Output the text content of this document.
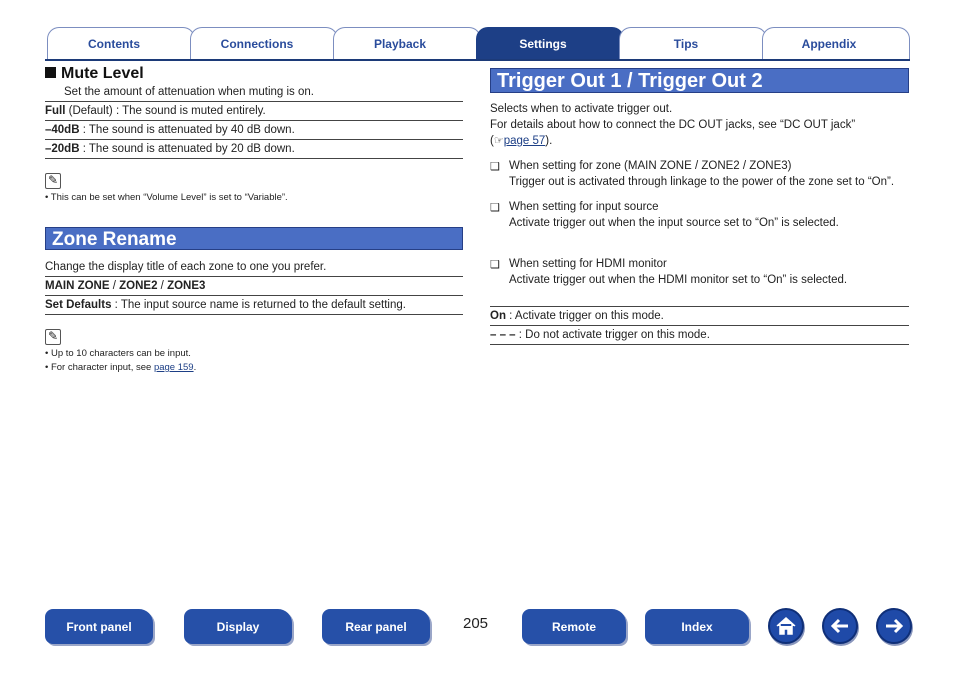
Contents	Connections	Playback	Settings	Tips	Appendix
Mute Level
Set the amount of attenuation when muting is on.
Full (Default) : The sound is muted entirely.
–40dB : The sound is attenuated by 40 dB down.
–20dB : The sound is attenuated by 20 dB down.
✎
• This can be set when “Volume Level” is set to “Variable”.
Zone Rename
Change the display title of each zone to one you prefer.
MAIN ZONE / ZONE2 / ZONE3
Set Defaults : The input source name is returned to the default setting.
✎
• Up to 10 characters can be input.
• For character input, see page 159.
Trigger Out 1 / Trigger Out 2
Selects when to activate trigger out.
For details about how to connect the DC OUT jacks, see “DC OUT jack”
(☞page 57).
❑ When setting for zone (MAIN ZONE / ZONE2 / ZONE3)
Trigger out is activated through linkage to the power of the zone set to “On”.
❑ When setting for input source
Activate trigger out when the input source set to “On” is selected.
❑ When setting for HDMI monitor
Activate trigger out when the HDMI monitor set to “On” is selected.
On : Activate trigger on this mode.
– – – : Do not activate trigger on this mode.
Front panel	Display	Rear panel	205	Remote	Index
